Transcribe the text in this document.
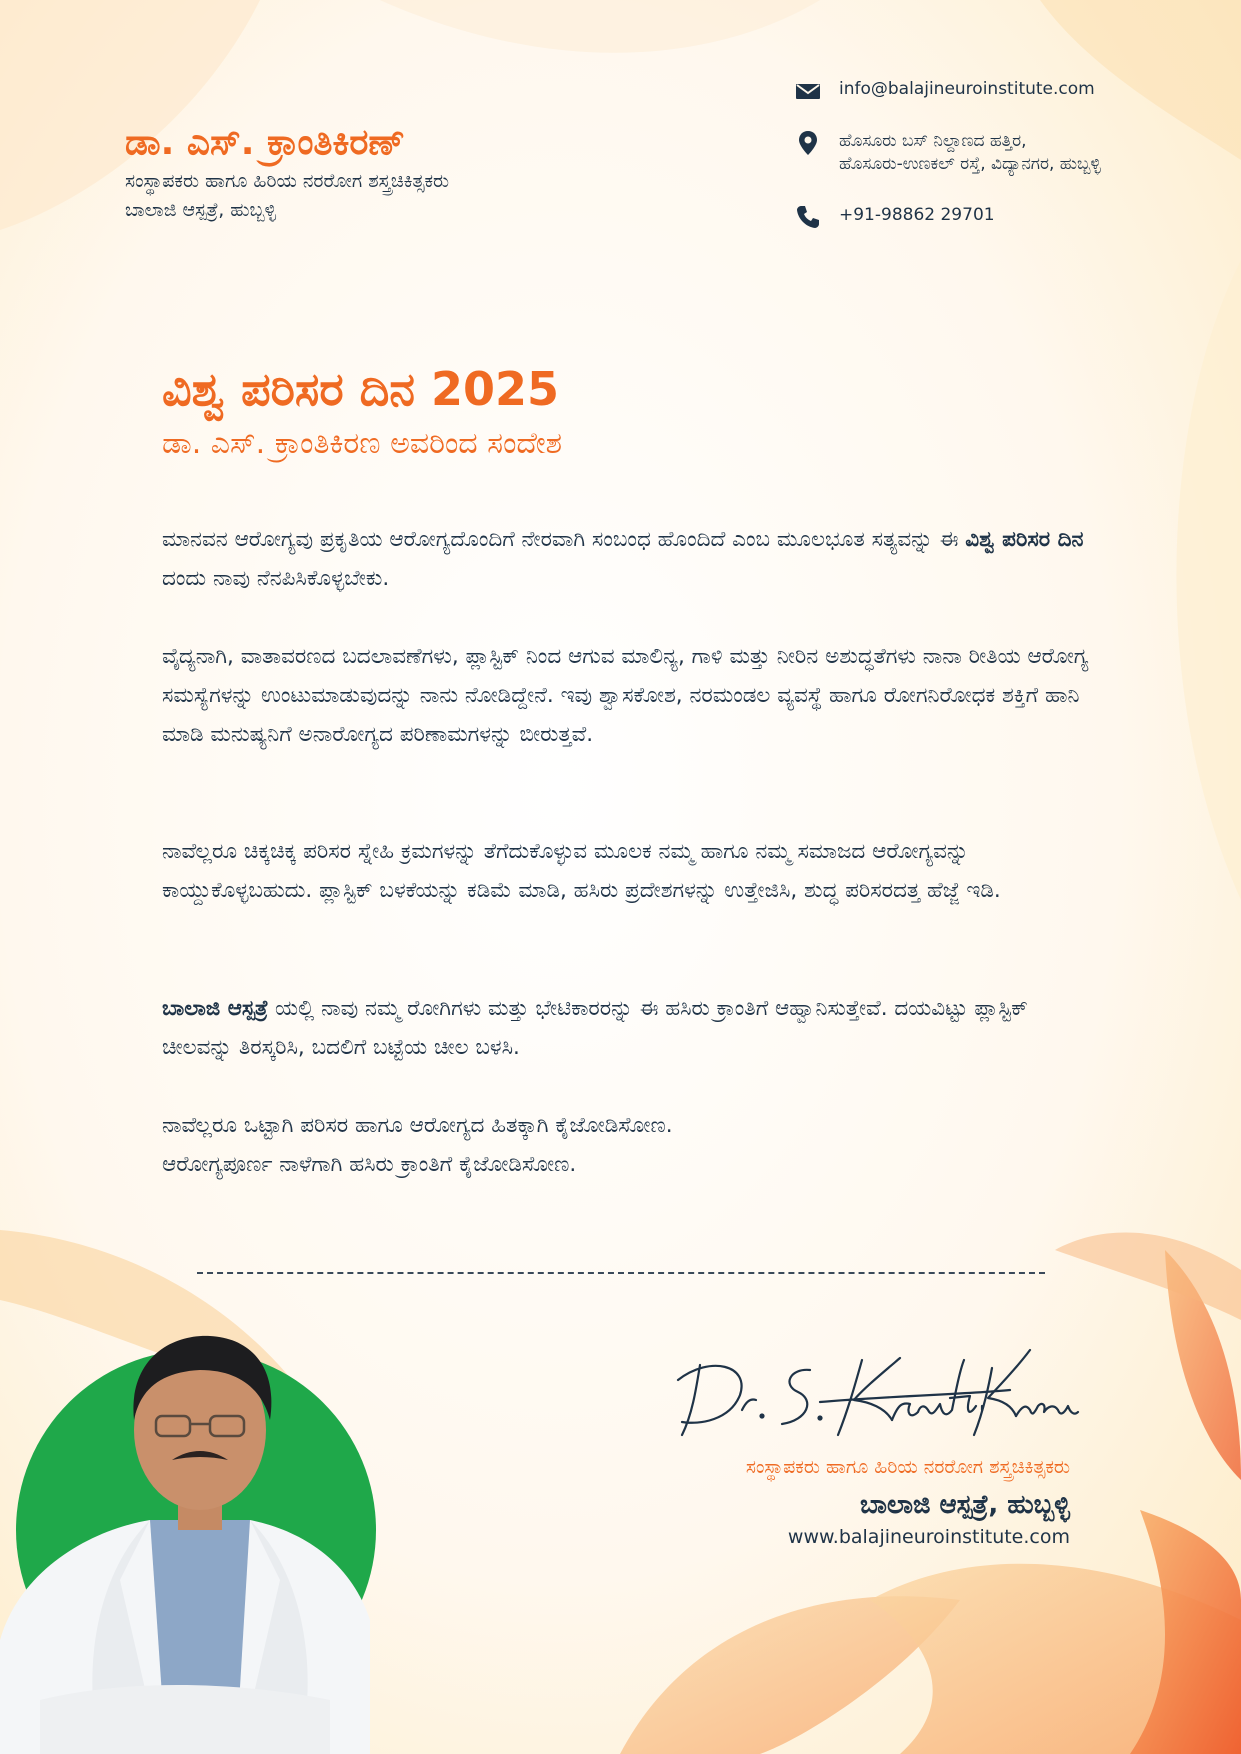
ಡಾ. ಎಸ್. ಕ್ರಾಂತಿಕಿರಣ್
ಸಂಸ್ಥಾಪಕರು ಹಾಗೂ ಹಿರಿಯ ನರರೋಗ ಶಸ್ತ್ರಚಿಕಿತ್ಸಕರು
ಬಾಲಾಜಿ ಆಸ್ಪತ್ರೆ, ಹುಬ್ಬಳ್ಳಿ
info@balajineuroinstitute.com
ಹೊಸೂರು ಬಸ್ ನಿಲ್ದಾಣದ ಹತ್ತಿರ,
ಹೊಸೂರು-ಉಣಕಲ್ ರಸ್ತೆ, ವಿದ್ಯಾನಗರ, ಹುಬ್ಬಳ್ಳಿ
+91-98862 29701
ವಿಶ್ವ ಪರಿಸರ ದಿನ 2025
ಡಾ. ಎಸ್. ಕ್ರಾಂತಿಕಿರಣ ಅವರಿಂದ ಸಂದೇಶ
ಮಾನವನ ಆರೋಗ್ಯವು ಪ್ರಕೃತಿಯ ಆರೋಗ್ಯದೊಂದಿಗೆ ನೇರವಾಗಿ ಸಂಬಂಧ ಹೊಂದಿದೆ ಎಂಬ ಮೂಲಭೂತ ಸತ್ಯವನ್ನು ಈ ವಿಶ್ವ ಪರಿಸರ ದಿನ ದಂದು ನಾವು ನೆನಪಿಸಿಕೊಳ್ಳಬೇಕು.
ವೈದ್ಯನಾಗಿ, ವಾತಾವರಣದ ಬದಲಾವಣೆಗಳು, ಪ್ಲಾಸ್ಟಿಕ್ ನಿಂದ ಆಗುವ ಮಾಲಿನ್ಯ, ಗಾಳಿ ಮತ್ತು ನೀರಿನ ಅಶುದ್ಧತೆಗಳು ನಾನಾ ರೀತಿಯ ಆರೋಗ್ಯ ಸಮಸ್ಯೆಗಳನ್ನು ಉಂಟುಮಾಡುವುದನ್ನು ನಾನು ನೋಡಿದ್ದೇನೆ. ಇವು ಶ್ವಾಸಕೋಶ, ನರಮಂಡಲ ವ್ಯವಸ್ಥೆ ಹಾಗೂ ರೋಗನಿರೋಧಕ ಶಕ್ತಿಗೆ ಹಾನಿ ಮಾಡಿ ಮನುಷ್ಯನಿಗೆ ಅನಾರೋಗ್ಯದ ಪರಿಣಾಮಗಳನ್ನು ಬೀರುತ್ತವೆ.
ನಾವೆಲ್ಲರೂ ಚಿಕ್ಕಚಿಕ್ಕ ಪರಿಸರ ಸ್ನೇಹಿ ಕ್ರಮಗಳನ್ನು ತೆಗೆದುಕೊಳ್ಳುವ ಮೂಲಕ ನಮ್ಮ ಹಾಗೂ ನಮ್ಮ ಸಮಾಜದ ಆರೋಗ್ಯವನ್ನು ಕಾಯ್ದುಕೊಳ್ಳಬಹುದು. ಪ್ಲಾಸ್ಟಿಕ್ ಬಳಕೆಯನ್ನು ಕಡಿಮೆ ಮಾಡಿ, ಹಸಿರು ಪ್ರದೇಶಗಳನ್ನು ಉತ್ತೇಜಿಸಿ, ಶುದ್ಧ ಪರಿಸರದತ್ತ ಹೆಜ್ಜೆ ಇಡಿ.
ಬಾಲಾಜಿ ಆಸ್ಪತ್ರೆ ಯಲ್ಲಿ ನಾವು ನಮ್ಮ ರೋಗಿಗಳು ಮತ್ತು ಭೇಟಿಕಾರರನ್ನು ಈ ಹಸಿರು ಕ್ರಾಂತಿಗೆ ಆಹ್ವಾನಿಸುತ್ತೇವೆ. ದಯವಿಟ್ಟು ಪ್ಲಾಸ್ಟಿಕ್ ಚೀಲವನ್ನು ತಿರಸ್ಕರಿಸಿ, ಬದಲಿಗೆ ಬಟ್ಟೆಯ ಚೀಲ ಬಳಸಿ.
ನಾವೆಲ್ಲರೂ ಒಟ್ಟಾಗಿ ಪರಿಸರ ಹಾಗೂ ಆರೋಗ್ಯದ ಹಿತಕ್ಕಾಗಿ ಕೈಜೋಡಿಸೋಣ.
ಆರೋಗ್ಯಪೂರ್ಣ ನಾಳೆಗಾಗಿ ಹಸಿರು ಕ್ರಾಂತಿಗೆ ಕೈಜೋಡಿಸೋಣ.
ಸಂಸ್ಥಾಪಕರು ಹಾಗೂ ಹಿರಿಯ ನರರೋಗ ಶಸ್ತ್ರಚಿಕಿತ್ಸಕರು
ಬಾಲಾಜಿ ಆಸ್ಪತ್ರೆ, ಹುಬ್ಬಳ್ಳಿ
www.balajineuroinstitute.com
